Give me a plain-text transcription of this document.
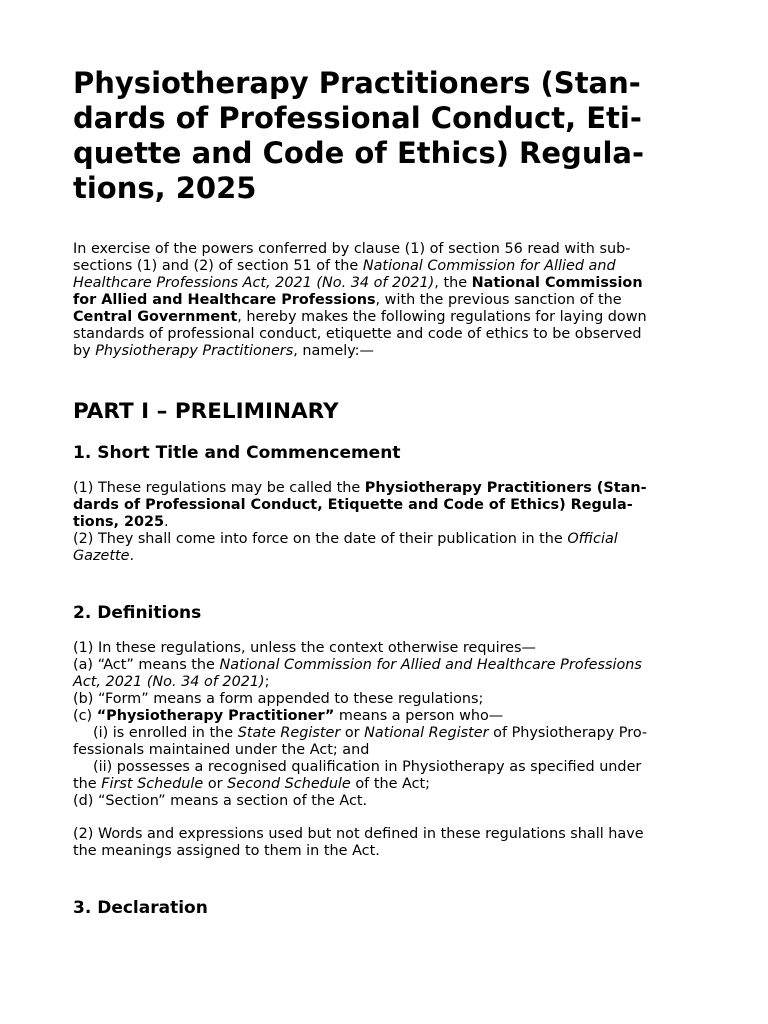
Physiotherapy Practitioners (Stan-
dards of Professional Conduct, Eti-
quette and Code of Ethics) Regula-
tions, 2025

In exercise of the powers conferred by clause (1) of section 56 read with sub-
sections (1) and (2) of section 51 of the National Commission for Allied and
Healthcare Professions Act, 2021 (No. 34 of 2021), the National Commission
for Allied and Healthcare Professions, with the previous sanction of the
Central Government, hereby makes the following regulations for laying down
standards of professional conduct, etiquette and code of ethics to be observed
by Physiotherapy Practitioners, namely:—

PART I – PRELIMINARY
1. Short Title and Commencement

(1) These regulations may be called the Physiotherapy Practitioners (Stan-
dards of Professional Conduct, Etiquette and Code of Ethics) Regula-
tions, 2025.
(2) They shall come into force on the date of their publication in the Official
Gazette.

2. Definitions

(1) In these regulations, unless the context otherwise requires—
(a) “Act” means the National Commission for Allied and Healthcare Professions
Act, 2021 (No. 34 of 2021);
(b) “Form” means a form appended to these regulations;
(c) “Physiotherapy Practitioner” means a person who—
(i) is enrolled in the State Register or National Register of Physiotherapy Pro-
fessionals maintained under the Act; and
(ii) possesses a recognised qualification in Physiotherapy as specified under
the First Schedule or Second Schedule of the Act;
(d) “Section” means a section of the Act.

(2) Words and expressions used but not defined in these regulations shall have
the meanings assigned to them in the Act.

3. Declaration
